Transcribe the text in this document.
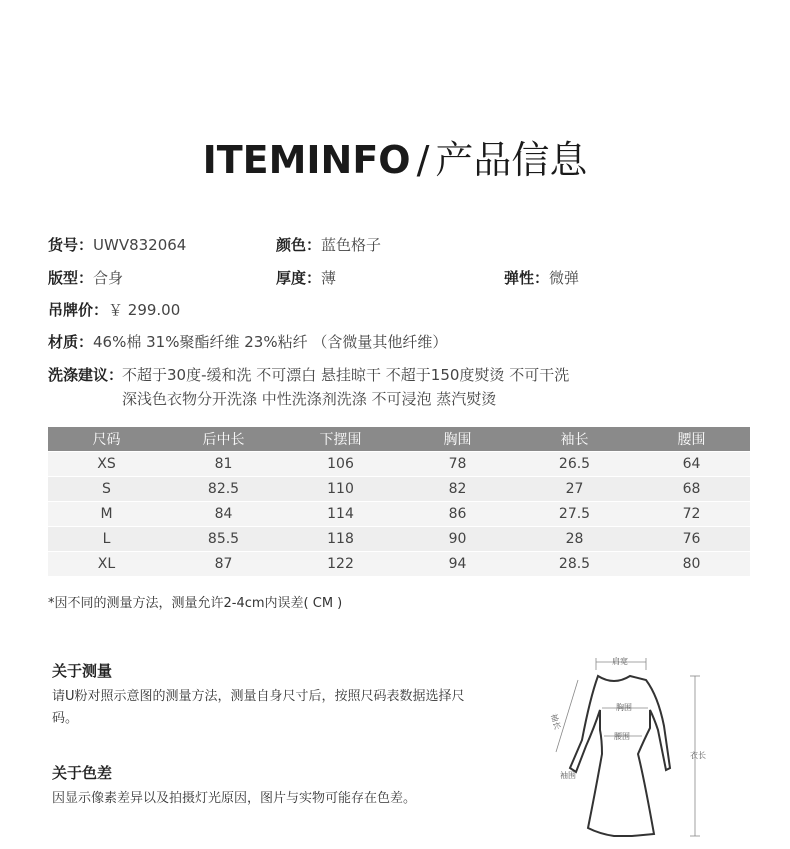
ITEMINFO / 产品信息
货号：UWV832064	颜色：蓝色格子
版型：合身	厚度：薄	弹性：微弹
吊牌价：￥ 299.00
材质：46%棉 31%聚酯纤维 23%粘纤 （含微量其他纤维）
洗涤建议：
不超于30度-缓和洗 不可漂白 悬挂晾干 不超于150度熨烫 不可干洗
深浅色衣物分开洗涤 中性洗涤剂洗涤 不可浸泡 蒸汽熨烫
尺码	后中长	下摆围	胸围	袖长	腰围
XS	81	106	78	26.5	64
S	82.5	110	82	27	68
M	84	114	86	27.5	72
L	85.5	118	90	28	76
XL	87	122	94	28.5	80
*因不同的测量方法，测量允许2-4cm内误差( CM )
关于测量
请U粉对照示意图的测量方法，测量自身尺寸后，按照尺码表数据选择尺码。
关于色差
因显示像素差异以及拍摄灯光原因，图片与实物可能存在色差。
肩宽
胸围
腰围
袖长
袖围
衣长
